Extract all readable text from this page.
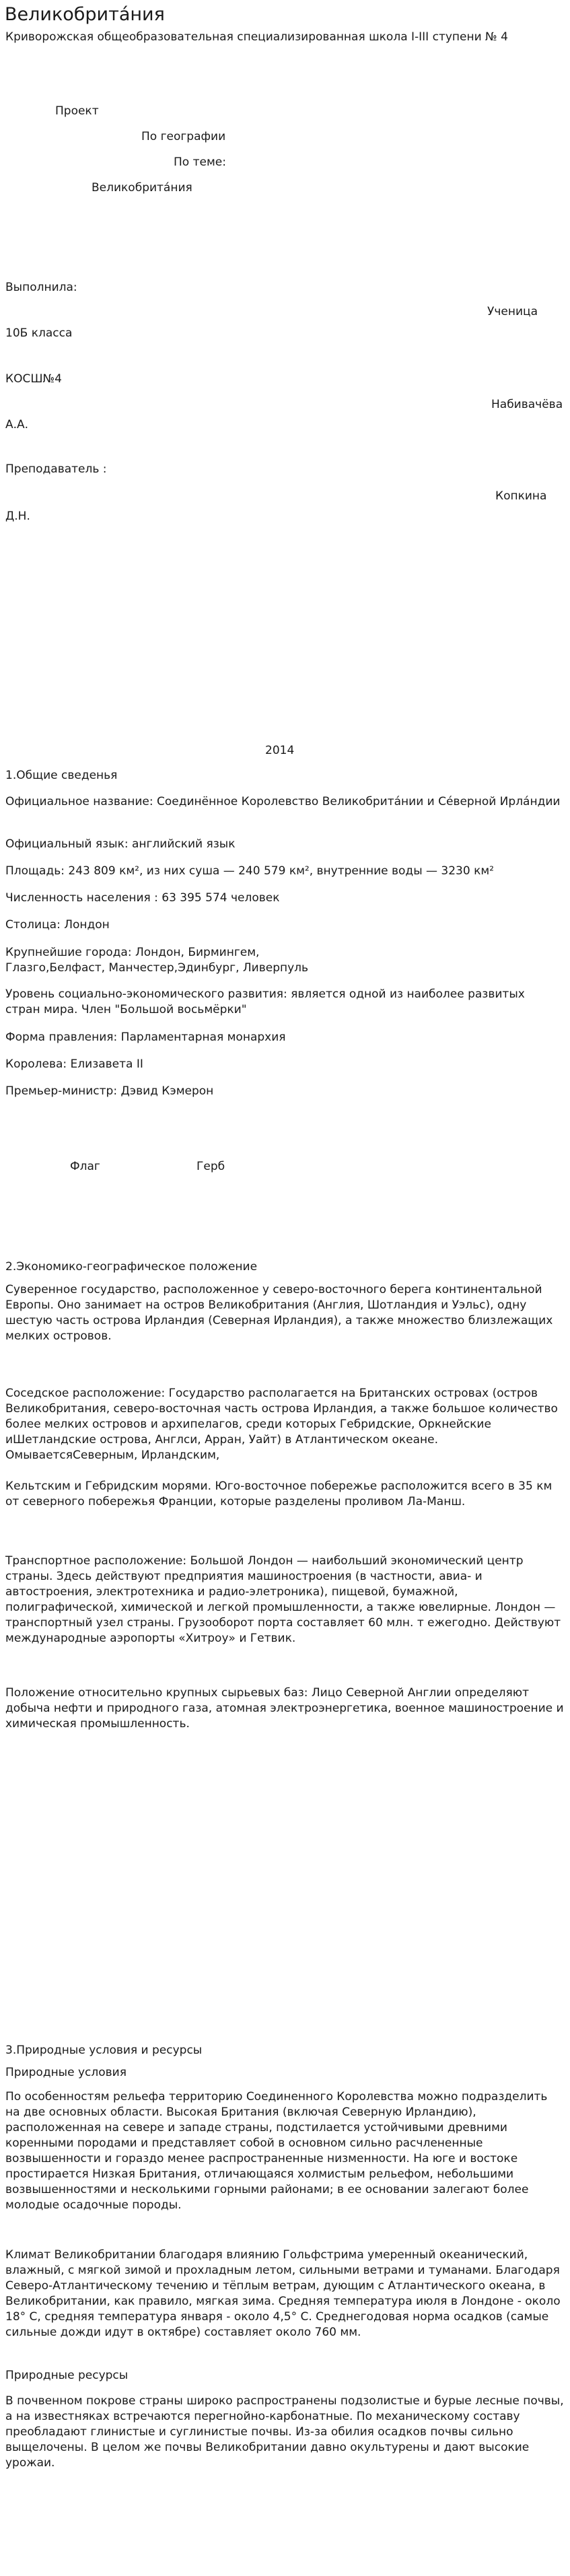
Великобрита́ния
Криворожская общеобразовательная специализированная школа I-III ступени № 4
Проект
По географии
По теме:
Великобрита́ния
Выполнила:
Ученица
10Б класса
КОСШ№4
Набивачёва
А.А.
Преподаватель :
Копкина
Д.Н.
2014
1.Общие сведенья

Официальное название: Соединённое Королевство Великобритáнии и Сéверной Ирлáндии

Официальный язык: английский язык

Площадь: 243 809 км², из них суша — 240 579 км², внутренние воды — 3230 км²

Численность населения : 63 395 574 человек

Столица: Лондон

Крупнейшие города: Лондон, Бирмингем, Глазго,Белфаст, Манчестер,Эдинбург, Ливерпуль

Уровень социально-экономического развития: является одной из наиболее развитых стран мира. Член "Большой восьмёрки"

Форма правления: Парламентарная монархия

Королева: Елизавета II

Премьер-министр: Дэвид Кэмерон

Флаг	Герб
2.Экономико-географическое положение

Суверенное государство, расположенное у северо-восточного берега континентальной Европы. Оно занимает на остров Великобритания (Англия, Шотландия и Уэльс), одну шестую часть острова Ирландия (Северная Ирландия), а также множество близлежащих мелких островов.

Соседское расположение: Государство располагается на Британских островах (остров Великобритания, северо-восточная часть острова Ирландия, а также большое количество более мелких островов и архипелагов, среди которых Гебридские, Оркнейские иШетландские острова, Англси, Арран, Уайт) в Атлантическом океане. ОмываетсяСеверным, Ирландским,

Кельтским и Гебридским морями. Юго-восточное побережье расположится всего в 35 км от северного побережья Франции, которые разделены проливом Ла-Манш.

Транспортное расположение: Большой Лондон — наибольший экономический центр страны. Здесь действуют предприятия машиностроения (в частности, авиа- и автостроения, электротехника и радио-элетроника), пищевой, бумажной, полиграфической, химической и легкой промышленности, а также ювелирные. Лондон — транспортный узел страны. Грузооборот порта составляет 60 млн. т ежегодно. Действуют международные аэропорты «Хитроу» и Гетвик.

Положение относительно крупных сырьевых баз: Лицо Северной Англии определяют добыча нефти и природного газа, атомная электроэнергетика, военное машиностроение и химическая промышленность.

3.Природные условия и ресурсы
Природные условия

По особенностям рельефа территорию Соединенного Королевства можно подразделить на две основных области. Высокая Британия (включая Северную Ирландию), расположенная на севере и западе страны, подстилается устойчивыми древними коренными породами и представляет собой в основном сильно расчлененные возвышенности и гораздо менее распространенные низменности. На юге и востоке простирается Низкая Британия, отличающаяся холмистым рельефом, небольшими возвышенностями и несколькими горными районами; в ее основании залегают более молодые осадочные породы.

Климат Великобритании благодаря влиянию Гольфстрима умеренный океанический, влажный, с мягкой зимой и прохладным летом, сильными ветрами и туманами. Благодаря Северо-Атлантическому течению и тёплым ветрам, дующим с Атлантического океана, в Великобритании, как правило, мягкая зима. Средняя температура июля в Лондоне - около 18° С, средняя температура января - около 4,5° С. Среднегодовая норма осадков (самые сильные дожди идут в октябре) составляет около 760 мм.

Природные ресурсы

В почвенном покрове страны широко распространены подзолистые и бурые лесные почвы, а на известняках встречаются перегнойно-карбонатные. По механическому составу преобладают глинистые и суглинистые почвы. Из-за обилия осадков почвы сильно выщелочены. В целом же почвы Великобритании давно окультурены и дают высокие урожаи.
